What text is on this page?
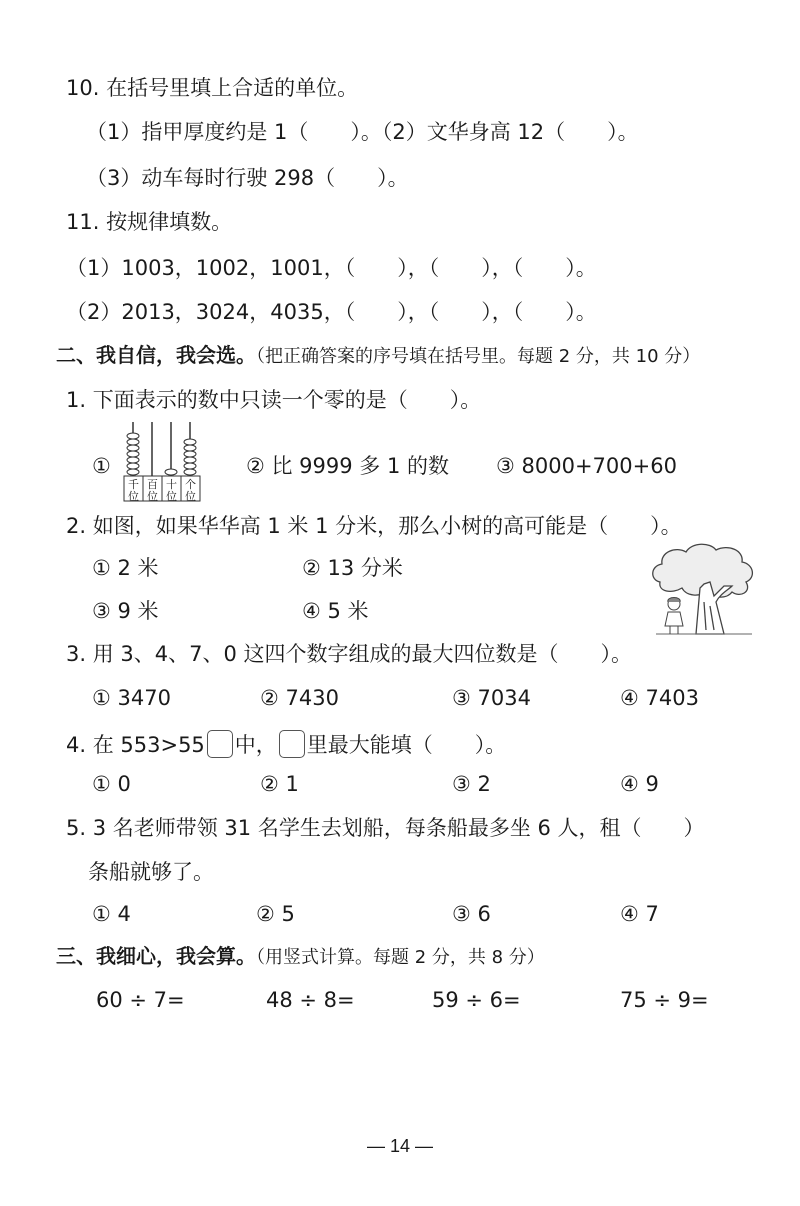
10. 在括号里填上合适的单位。
（1）指甲厚度约是 1（　　）。（2）文华身高 12（　　）。
（3）动车每时行驶 298（　　）。
11. 按规律填数。
（1）1003，1002，1001，（　　），（　　），（　　）。
（2）2013，3024，4035，（　　），（　　），（　　）。
二、我自信，我会选。（把正确答案的序号填在括号里。每题 2 分，共 10 分）
1. 下面表示的数中只读一个零的是（　　）。
①
千
位
百
位
十
位
个
位
② 比 9999 多 1 的数 ③ 8000+700+60
2. 如图，如果华华高 1 米 1 分米，那么小树的高可能是（　　）。
① 2 米	② 13 分米
③ 9 米	④ 5 米
3. 用 3、4、7、0 这四个数字组成的最大四位数是（　　）。
① 3470	② 7430	③ 7034	④ 7403
4. 在 553>55 中， 里最大能填（　　）。
① 0	② 1	③ 2	④ 9
5. 3 名老师带领 31 名学生去划船，每条船最多坐 6 人，租（　　）
条船就够了。
① 4	② 5	③ 6	④ 7
三、我细心，我会算。（用竖式计算。每题 2 分，共 8 分）
60 ÷ 7=	48 ÷ 8=	59 ÷ 6=	75 ÷ 9=
— 14 —
